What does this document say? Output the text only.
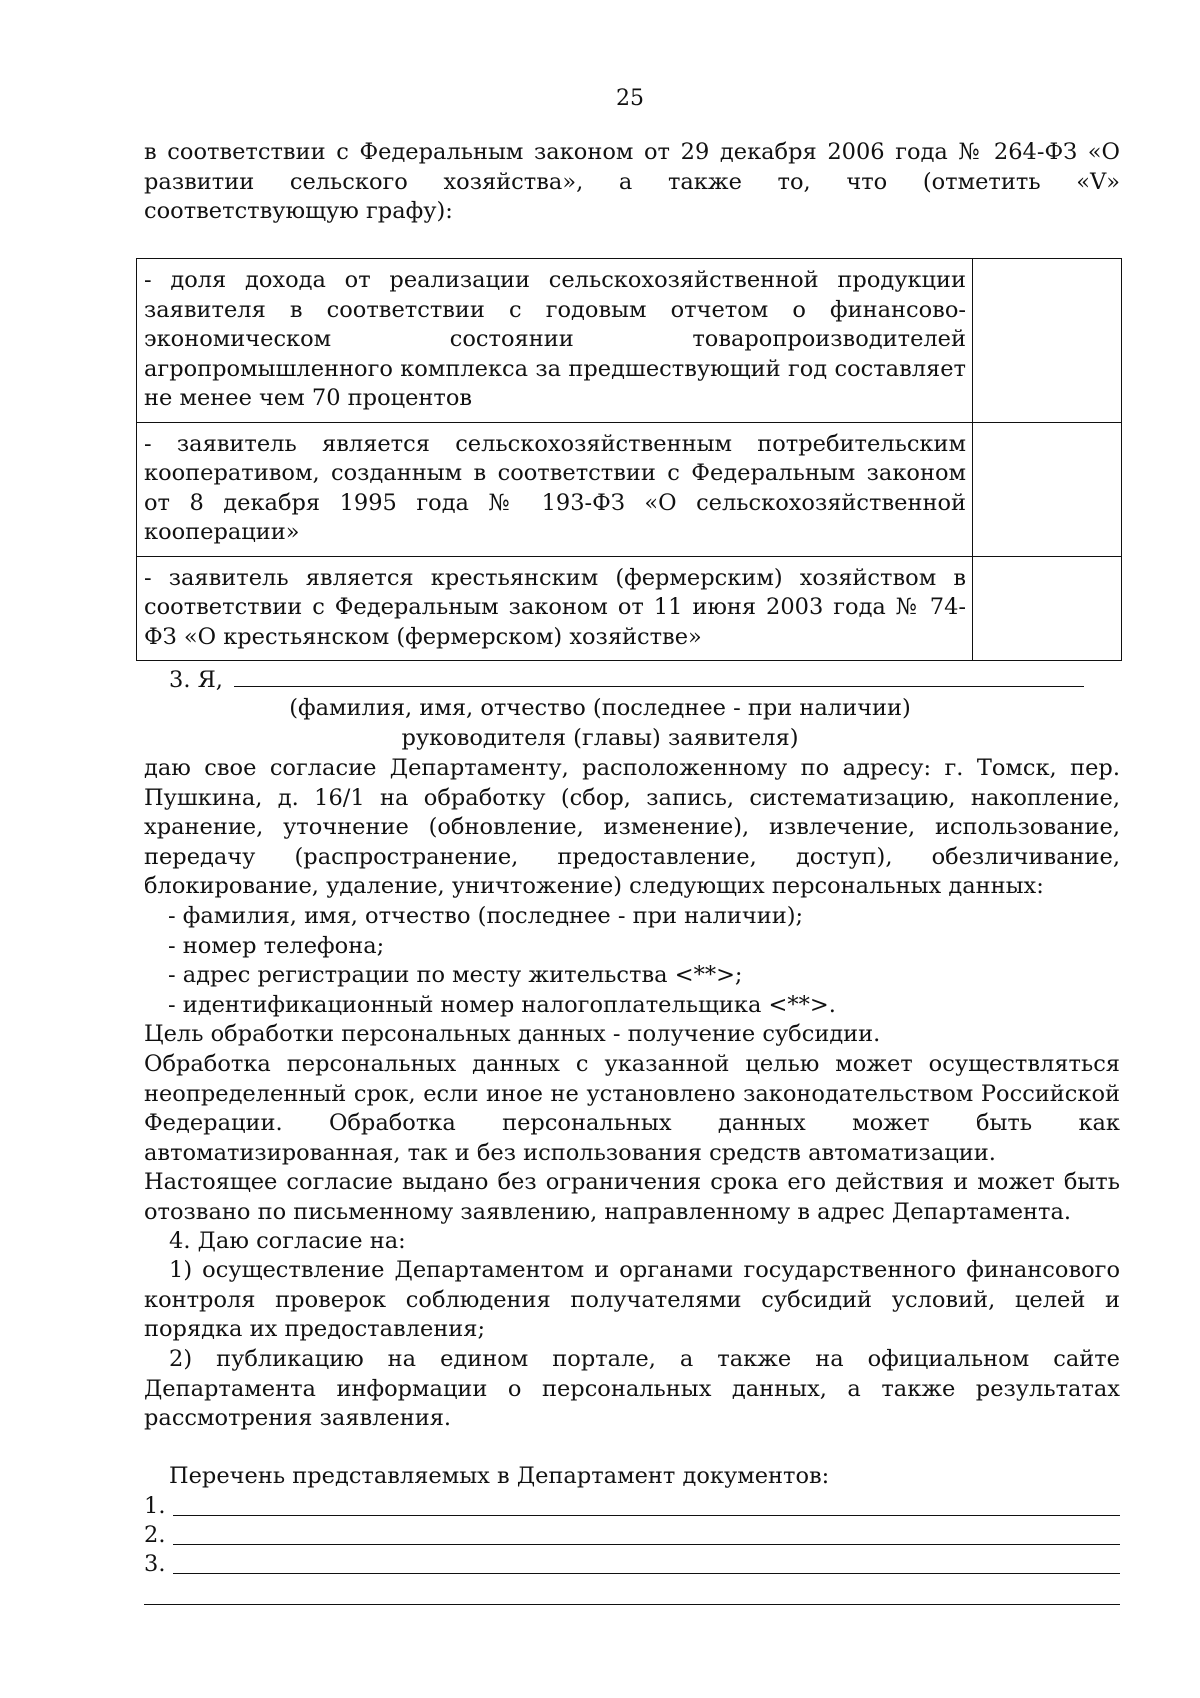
25
в соответствии с Федеральным законом от 29 декабря 2006 года № 264-ФЗ «О
развитии сельского хозяйства», а также то, что (отметить «V»
соответствующую графу):
- доля дохода от реализации сельскохозяйственной продукции заявителя в соответствии с годовым отчетом о финансово-экономическом состоянии товаропроизводителей агропромышленного комплекса за предшествующий год составляет не менее чем 70 процентов	
- заявитель является сельскохозяйственным потребительским кооперативом, созданным в соответствии с Федеральным законом от 8 декабря 1995 года № 193-ФЗ «О сельскохозяйственной кооперации»	
- заявитель является крестьянским (фермерским) хозяйством в соответствии с Федеральным законом от 11 июня 2003 года № 74-ФЗ «О крестьянском (фермерском) хозяйстве»	
3. Я,
(фамилия, имя, отчество (последнее - при наличии)
руководителя (главы) заявителя)
даю свое согласие Департаменту, расположенному по адресу: г. Томск, пер. Пушкина, д. 16/1 на обработку (сбор, запись, систематизацию, накопление, хранение, уточнение (обновление, изменение), извлечение, использование, передачу (распространение, предоставление, доступ), обезличивание, блокирование, удаление, уничтожение) следующих персональных данных:
- фамилия, имя, отчество (последнее - при наличии);
- номер телефона;
- адрес регистрации по месту жительства <**>;
- идентификационный номер налогоплательщика <**>.
Цель обработки персональных данных - получение субсидии.
Обработка персональных данных с указанной целью может осуществляться неопределенный срок, если иное не установлено законодательством Российской Федерации. Обработка персональных данных может быть как автоматизированная, так и без использования средств автоматизации.
Настоящее согласие выдано без ограничения срока его действия и может быть отозвано по письменному заявлению, направленному в адрес Департамента.
4. Даю согласие на:
1) осуществление Департаментом и органами государственного финансового контроля проверок соблюдения получателями субсидий условий, целей и порядка их предоставления;
2) публикацию на едином портале, а также на официальном сайте Департамента информации о персональных данных, а также результатах рассмотрения заявления.
Перечень представляемых в Департамент документов:
1.
2.
3.
